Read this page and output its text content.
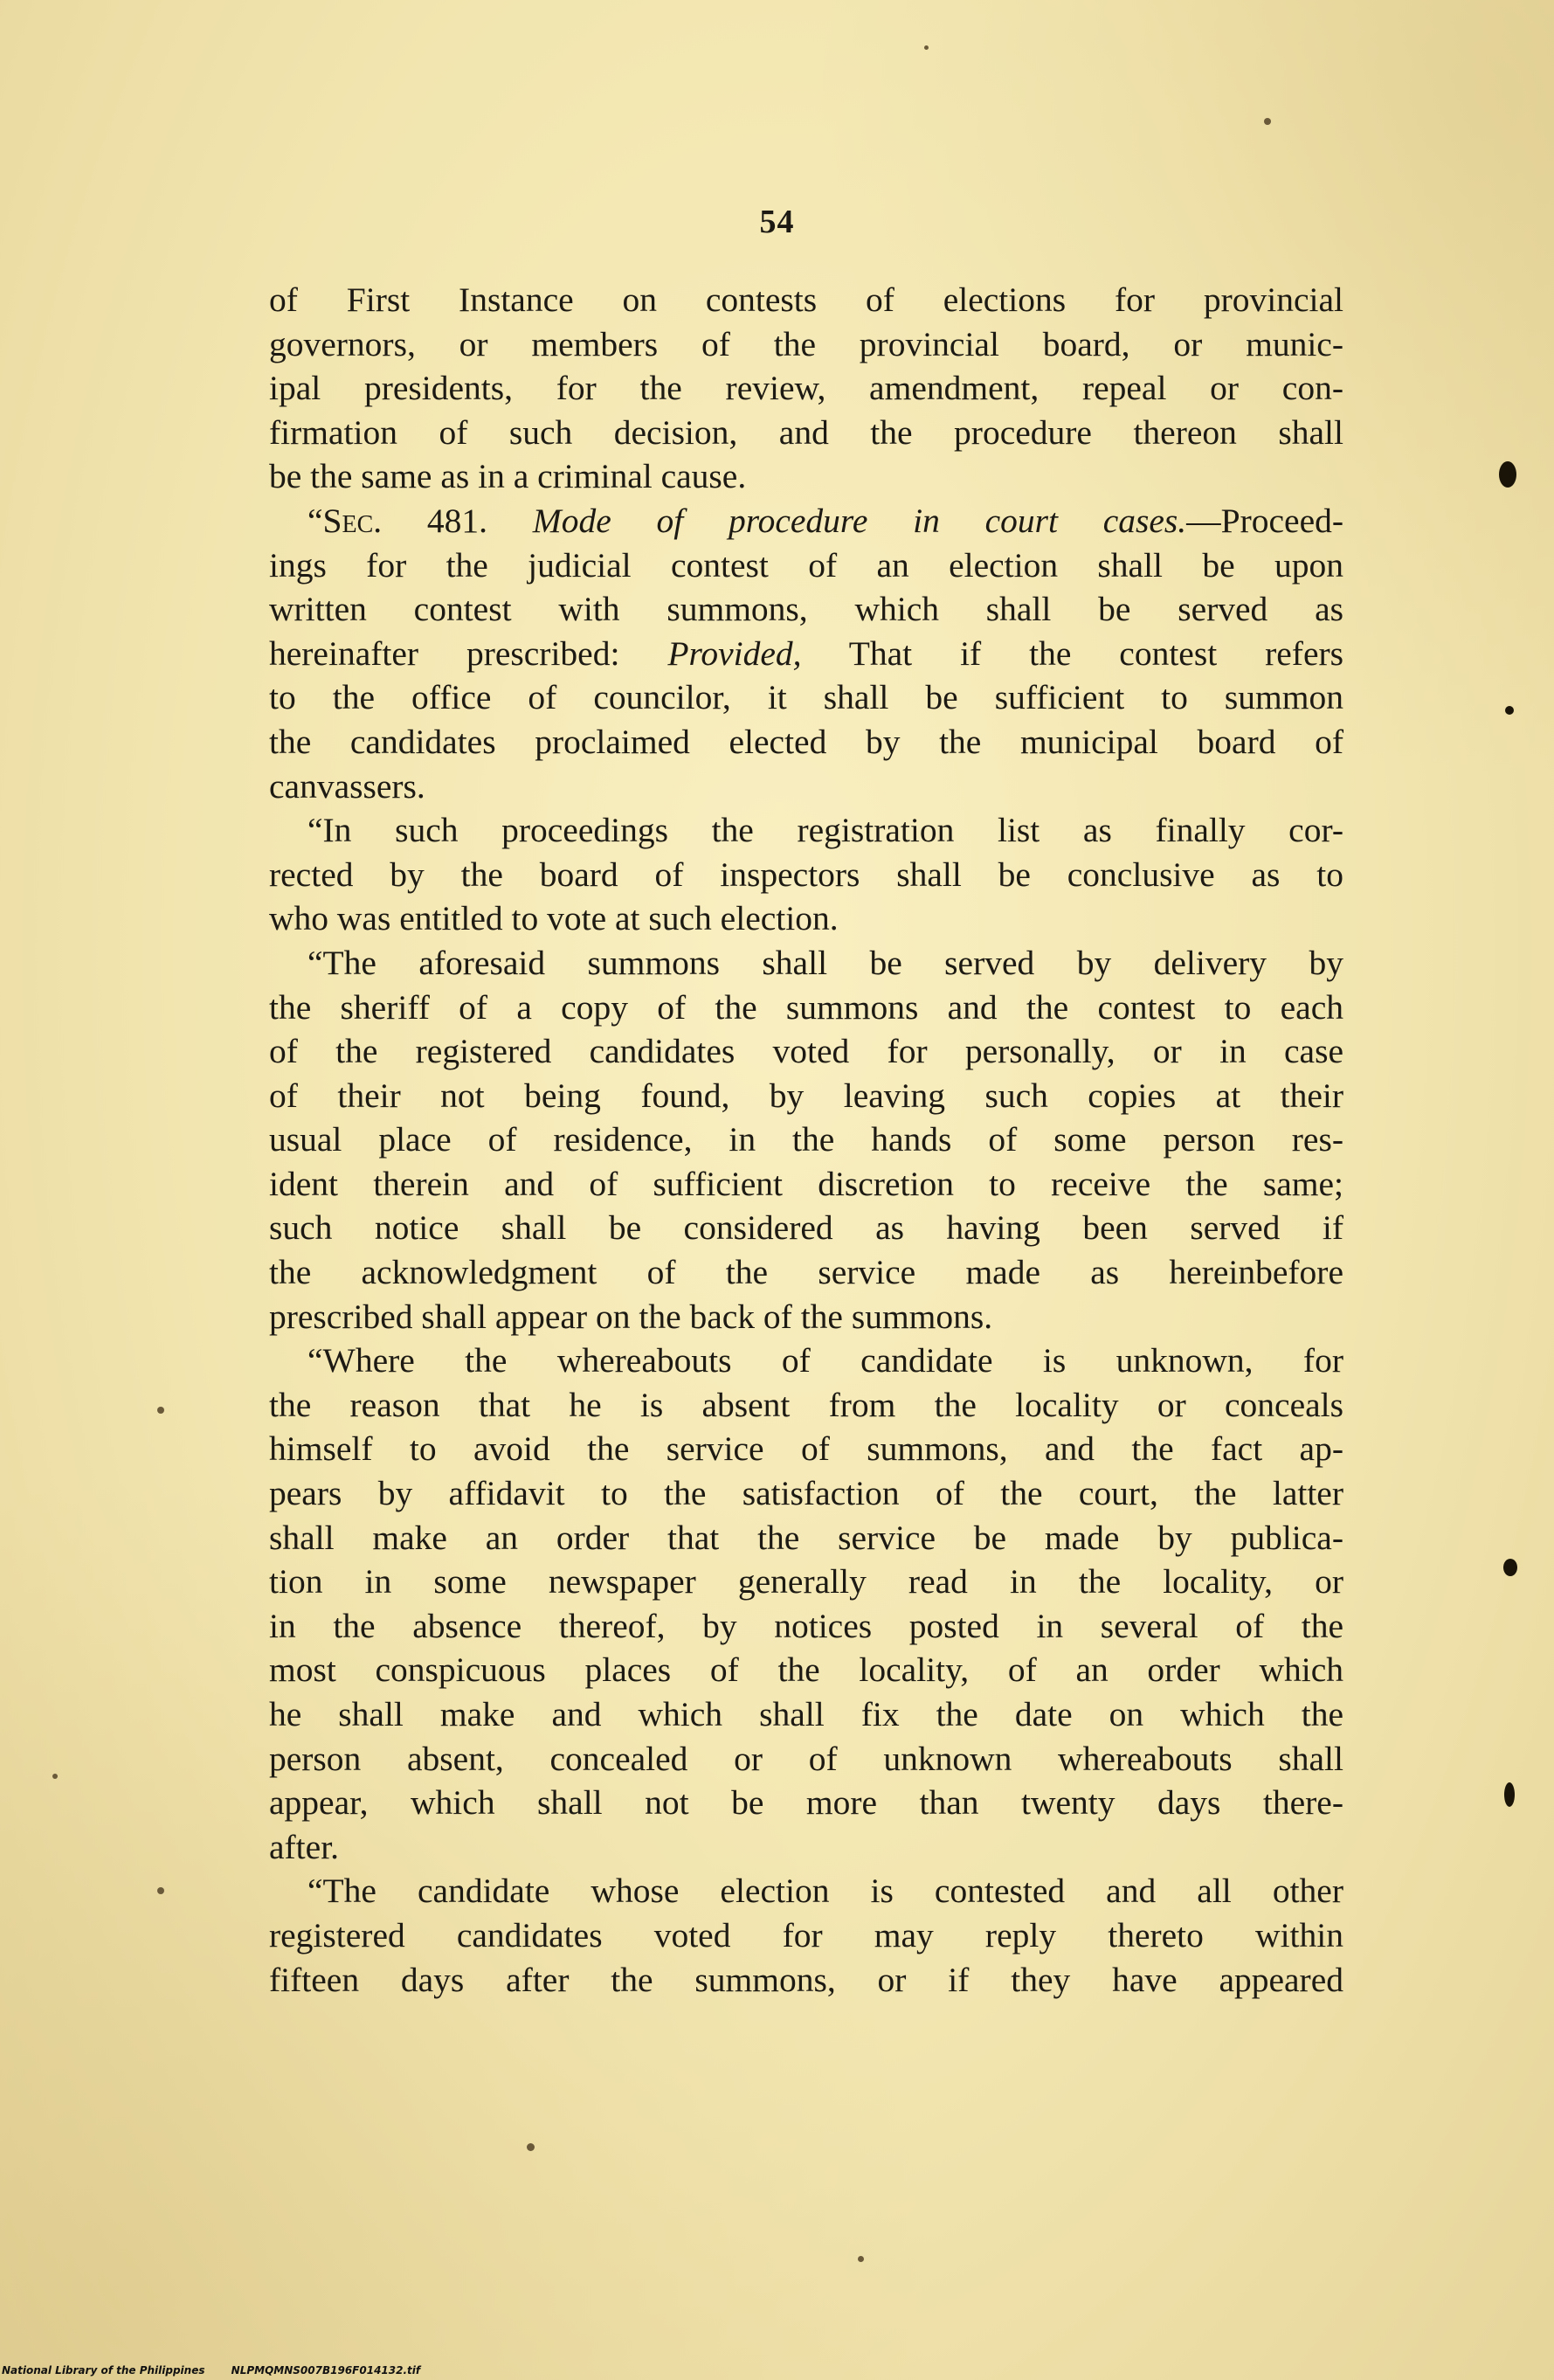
54
of First Instance on contests of elections for provincial
governors, or members of the provincial board, or munic-
ipal presidents, for the review, amendment, repeal or con-
firmation of such decision, and the procedure thereon shall
be the same as in a criminal cause.
“Sec. 481. Mode of procedure in court cases.—Proceed-
ings for the judicial contest of an election shall be upon
written contest with summons, which shall be served as
hereinafter prescribed: Provided, That if the contest refers
to the office of councilor, it shall be sufficient to summon
the candidates proclaimed elected by the municipal board of
canvassers.
“In such proceedings the registration list as finally cor-
rected by the board of inspectors shall be conclusive as to
who was entitled to vote at such election.
“The aforesaid summons shall be served by delivery by
the sheriff of a copy of the summons and the contest to each
of the registered candidates voted for personally, or in case
of their not being found, by leaving such copies at their
usual place of residence, in the hands of some person res-
ident therein and of sufficient discretion to receive the same;
such notice shall be considered as having been served if
the acknowledgment of the service made as hereinbefore
prescribed shall appear on the back of the summons.
“Where the whereabouts of candidate is unknown, for
the reason that he is absent from the locality or conceals
himself to avoid the service of summons, and the fact ap-
pears by affidavit to the satisfaction of the court, the latter
shall make an order that the service be made by publica-
tion in some newspaper generally read in the locality, or
in the absence thereof, by notices posted in several of the
most conspicuous places of the locality, of an order which
he shall make and which shall fix the date on which the
person absent, concealed or of unknown whereabouts shall
appear, which shall not be more than twenty days there-
after.
“The candidate whose election is contested and all other
registered candidates voted for may reply thereto within
fifteen days after the summons, or if they have appeared
National Library of the Philippines	NLPMQMNS007B196F014132.tif
